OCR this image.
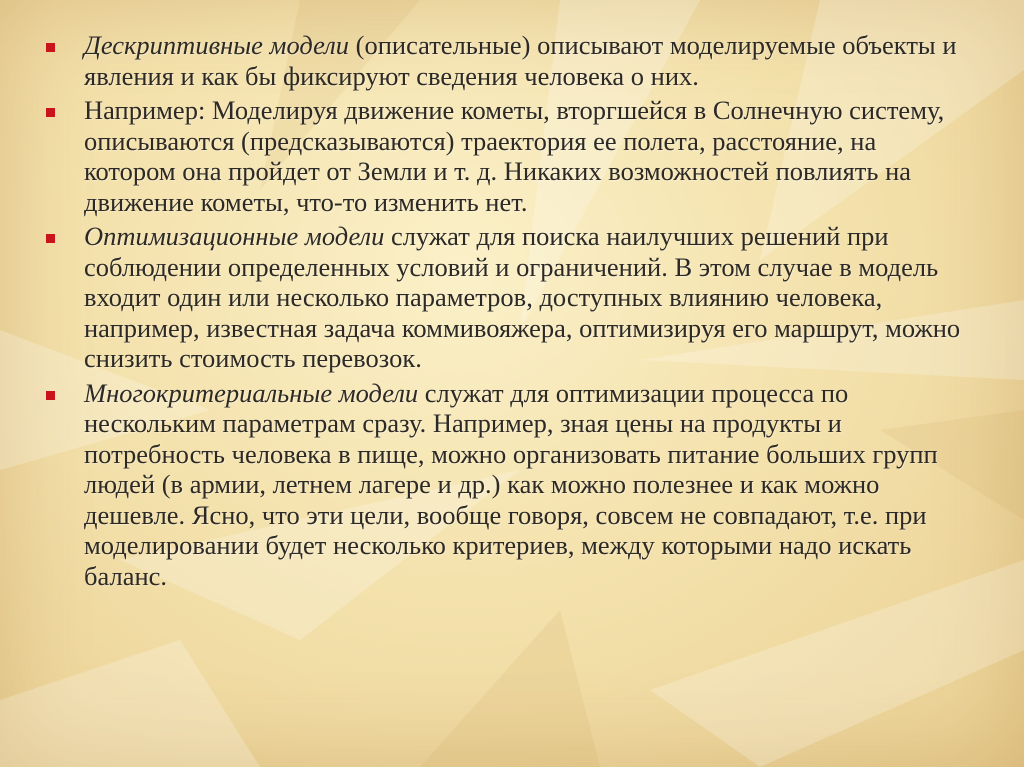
Дескриптивные модели (описательные) описывают моделируемые объекты и явления и как бы фиксируют сведения человека о них.
Например: Моделируя движение кометы, вторгшейся в Солнечную систему, описываются (предсказываются) траектория ее полета, расстояние, на котором она пройдет от Земли и т. д. Никаких возможностей повлиять на движение кометы, что-то изменить нет.
Оптимизационные модели служат для поиска наилучших решений при соблюдении определенных условий и ограничений. В этом случае в модель входит один или несколько параметров, доступных влиянию человека, например, известная задача коммивояжера, оптимизируя его маршрут, можно снизить стоимость перевозок.
Многокритериальные модели служат для оптимизации процесса по нескольким параметрам сразу. Например, зная цены на продукты и потребность человека в пище, можно организовать питание больших групп людей (в армии, летнем лагере и др.) как можно полезнее и как можно дешевле. Ясно, что эти цели, вообще говоря, совсем не совпадают, т.е. при моделировании будет несколько критериев, между которыми надо искать баланс.
